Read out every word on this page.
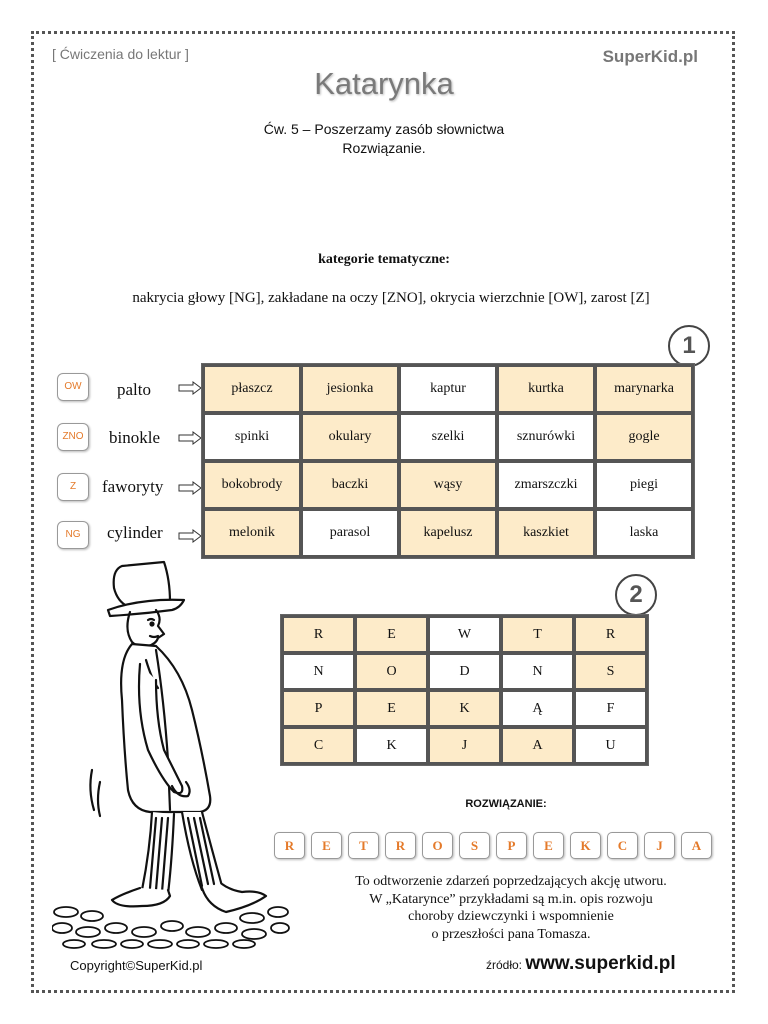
[ Ćwiczenia do lektur ]	SuperKid.pl
Katarynka
Ćw. 5 – Poszerzamy zasób słownictwa
Rozwiązanie.
kategorie tematyczne:
nakrycia głowy [NG], zakładane na oczy [ZNO], okrycia wierzchnie [OW], zarost [Z]
1
OW	palto
ZNO	binokle
Z	faworyty
NG	cylinder
płaszcz	jesionka	kaptur	kurtka	marynarka
spinki	okulary	szelki	sznurówki	gogle
bokobrody	baczki	wąsy	zmarszczki	piegi
melonik	parasol	kapelusz	kaszkiet	laska
2
R	E	W	T	R
N	O	D	N	S
P	E	K	Ą	F
C	K	J	A	U
ROZWIĄZANIE:
R	E	T	R	O	S	P	E	K	C	J	A
To odtworzenie zdarzeń poprzedzających akcję utworu.
W „Katarynce” przykładami są m.in. opis rozwoju
choroby dziewczynki i wspomnienie
o przeszłości pana Tomasza.
Copyright©SuperKid.pl	źródło: www.superkid.pl
